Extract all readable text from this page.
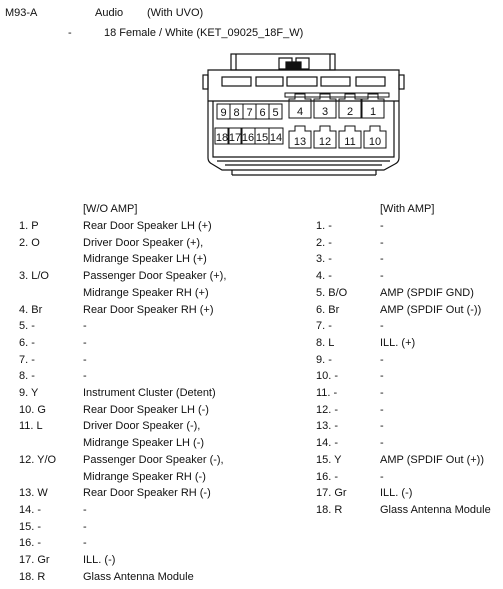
M93-A	Audio (With UVO)
-	18 Female / White (KET_09025_18F_W)
9 8 7 6 5 4 3 2 1
18 17 16 15 14 13 12 11 10
[W/O AMP]	[With AMP]
1. P	Rear Door Speaker LH (+)
2. O	Driver Door Speaker (+),
Midrange Speaker LH (+)
3. L/O	Passenger Door Speaker (+),
Midrange Speaker RH (+)
4. Br	Rear Door Speaker RH (+)
5. -	-
6. -	-
7. -	-
8. -	-
9. Y	Instrument Cluster (Detent)
10. G	Rear Door Speaker LH (-)
11. L	Driver Door Speaker (-),
Midrange Speaker LH (-)
12. Y/O Passenger Door Speaker (-),
Midrange Speaker RH (-)
13. W	Rear Door Speaker RH (-)
14. -	-
15. -	-
16. -	-
17. Gr	ILL. (-)
18. R	Glass Antenna Module
1. -	-
2. -	-
3. -	-
4. -	-
5. B/O	AMP (SPDIF GND)
6. Br	AMP (SPDIF Out (-))
7. -	-
8. L	ILL. (+)
9. -	-
10. -	-
11. -	-
12. -	-
13. -	-
14. -	-
15. Y	AMP (SPDIF Out (+))
16. -	-
17. Gr	ILL. (-)
18. R	Glass Antenna Module
